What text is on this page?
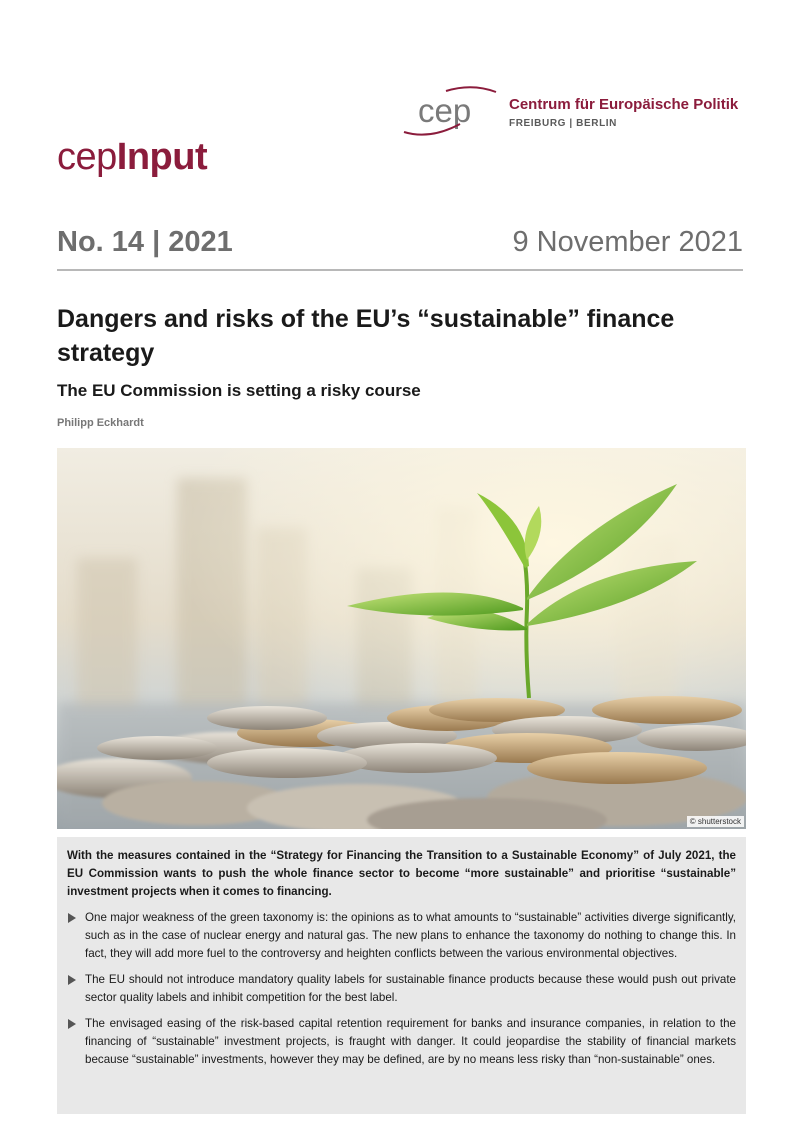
cep	Centrum für Europäische Politik
FREIBURG | BERLIN
cepInput
No. 14 | 2021	9 November 2021
Dangers and risks of the EU’s “sustainable” finance strategy
The EU Commission is setting a risky course
Philipp Eckhardt
© shutterstock
With the measures contained in the “Strategy for Financing the Transition to a Sustainable Economy” of July 2021, the EU Commission wants to push the whole finance sector to become “more sustainable” and prioritise “sustainable” investment projects when it comes to financing.
One major weakness of the green taxonomy is: the opinions as to what amounts to “sustainable” activities diverge significantly, such as in the case of nuclear energy and natural gas. The new plans to enhance the taxonomy do nothing to change this. In fact, they will add more fuel to the controversy and heighten conflicts between the various environmental objectives.
The EU should not introduce mandatory quality labels for sustainable finance products because these would push out private sector quality labels and inhibit competition for the best label.
The envisaged easing of the risk-based capital retention requirement for banks and insurance companies, in relation to the financing of “sustainable” investment projects, is fraught with danger. It could jeopardise the stability of financial markets because “sustainable” investments, however they may be defined, are by no means less risky than “non-sustainable” ones.
